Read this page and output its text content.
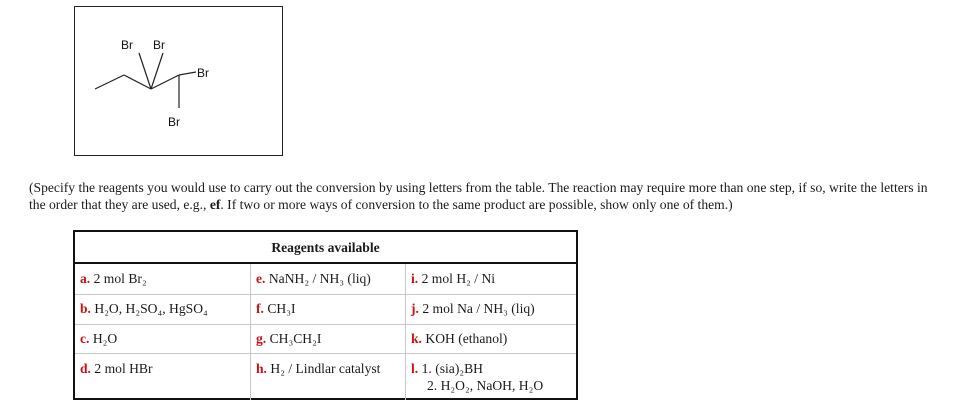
Br Br
Br
Br
(Specify the reagents you would use to carry out the conversion by using letters from the table. The reaction may require more than one step, if so, write the letters in the order that they are used, e.g., ef. If two or more ways of conversion to the same product are possible, show only one of them.)
Reagents available
a. 2 mol Br₂
b. H₂O, H₂SO₄, HgSO₄
c. H₂O
d. 2 mol HBr
e. NaNH₂ / NH₃ (liq)
f. CH₃I
g. CH₃CH₂I
h. H₂ / Lindlar catalyst
i. 2 mol H₂ / Ni
j. 2 mol Na / NH₃ (liq)
k. KOH (ethanol)
l. 1. (sia)₂BH
2. H₂O₂, NaOH, H₂O
